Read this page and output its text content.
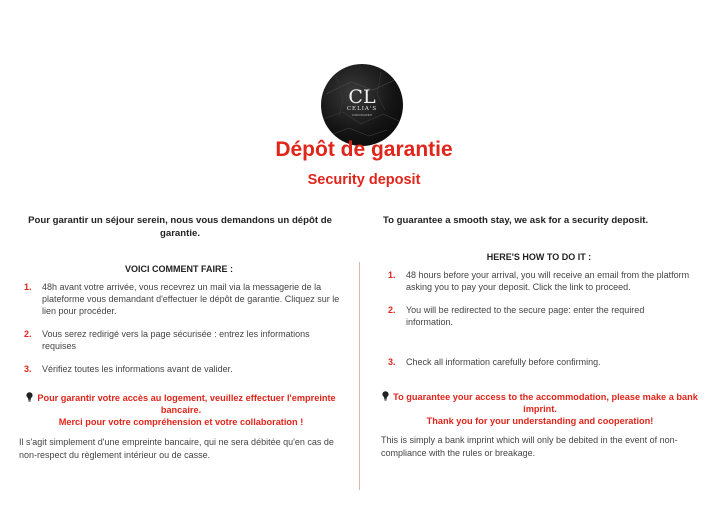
CL
CELIA'S
CONCIERGERIE
Dépôt de garantie
Security deposit
Pour garantir un séjour serein, nous vous demandons un dépôt de garantie.
VOICI COMMENT FAIRE :
1. 48h avant votre arrivée, vous recevrez un mail via la messagerie de la plateforme vous demandant d'effectuer le dépôt de garantie. Cliquez sur le lien pour procéder.
2. Vous serez redirigé vers la page sécurisée : entrez les informations requises
3. Vérifiez toutes les informations avant de valider.
Pour garantir votre accès au logement, veuillez effectuer l'empreinte bancaire.
Merci pour votre compréhension et votre collaboration !
Il s'agit simplement d'une empreinte bancaire, qui ne sera débitée qu'en cas de non-respect du règlement intérieur ou de casse.
To guarantee a smooth stay, we ask for a security deposit.
HERE'S HOW TO DO IT :
1. 48 hours before your arrival, you will receive an email from the platform asking you to pay your deposit. Click the link to proceed.
2. You will be redirected to the secure page: enter the required information.
3. Check all information carefully before confirming.
To guarantee your access to the accommodation, please make a bank imprint.
Thank you for your understanding and cooperation!
This is simply a bank imprint which will only be debited in the event of non-compliance with the rules or breakage.
